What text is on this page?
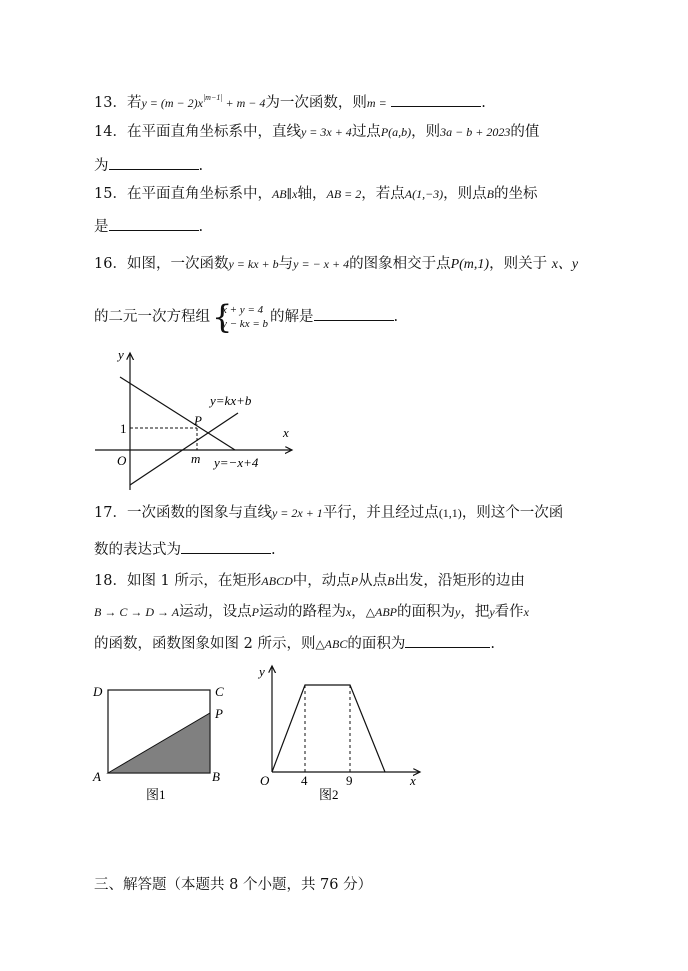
13．若$y = (m - 2)x^{|m-1|} + m - 4$为一次函数，则m =	.
14．在平面直角坐标系中，直线y = 3x + 4过点P(a,b)，则3a − b + 2023的值
为	.
15．在平面直角坐标系中，AB∥x轴，AB = 2，若点A(1,−3)，则点B的坐标
是	.
16．如图，一次函数y = kx + b与y = − x + 4的图象相交于点P(m,1)，则关于 x、y
的二元一次方程组 {
x + y = 4
y − kx = b 的解是	.
y
x
O
1
m
P
y=kx+b
y=−x+4
17．一次函数的图象与直线y = 2x + 1平行，并且经过点(1,1)，则这个一次函
数的表达式为	.
18．如图 1 所示，在矩形ABCD中，动点P从点B出发，沿矩形的边由
B → C → D → A运动，设点P运动的路程为x，△ABP的面积为y，把y看作x
的函数，函数图象如图 2 所示，则△ABC的面积为	.
D	C
P
A	B
图1
y
x
O 4	9
图2
三、解答题（本题共 8 个小题，共 76 分）
